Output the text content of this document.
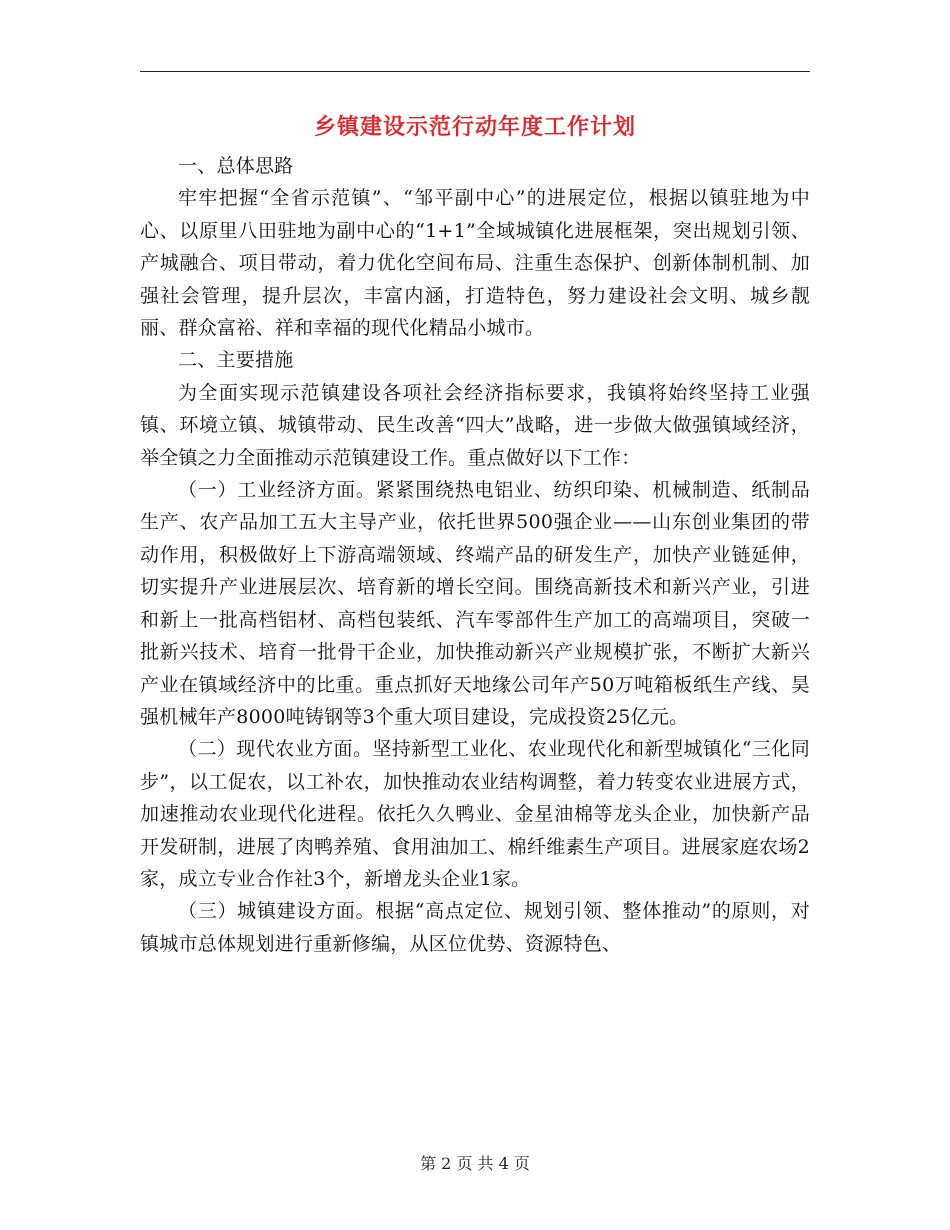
乡镇建设示范行动年度工作计划

一、总体思路

牢牢把握“全省示范镇”、“邹平副中心”的进展定位，根据以镇驻地为中心、以原里八田驻地为副中心的“1+1”全域城镇化进展框架，突出规划引领、产城融合、项目带动，着力优化空间布局、注重生态保护、创新体制机制、加强社会管理，提升层次，丰富内涵，打造特色，努力建设社会文明、城乡靓丽、群众富裕、祥和幸福的现代化精品小城市。

二、主要措施

为全面实现示范镇建设各项社会经济指标要求，我镇将始终坚持工业强镇、环境立镇、城镇带动、民生改善“四大”战略，进一步做大做强镇域经济，举全镇之力全面推动示范镇建设工作。重点做好以下工作：

（一）工业经济方面。紧紧围绕热电铝业、纺织印染、机械制造、纸制品生产、农产品加工五大主导产业，依托世界500强企业——山东创业集团的带动作用，积极做好上下游高端领域、终端产品的研发生产，加快产业链延伸，切实提升产业进展层次、培育新的增长空间。围绕高新技术和新兴产业，引进和新上一批高档铝材、高档包装纸、汽车零部件生产加工的高端项目，突破一批新兴技术、培育一批骨干企业，加快推动新兴产业规模扩张，不断扩大新兴产业在镇域经济中的比重。重点抓好天地缘公司年产50万吨箱板纸生产线、昊强机械年产8000吨铸钢等3个重大项目建设，完成投资25亿元。

（二）现代农业方面。坚持新型工业化、农业现代化和新型城镇化“三化同步”，以工促农，以工补农，加快推动农业结构调整，着力转变农业进展方式，加速推动农业现代化进程。依托久久鸭业、金星油棉等龙头企业，加快新产品开发研制，进展了肉鸭养殖、食用油加工、棉纤维素生产项目。进展家庭农场2家，成立专业合作社3个，新增龙头企业1家。

（三）城镇建设方面。根据“高点定位、规划引领、整体推动”的原则，对镇城市总体规划进行重新修编，从区位优势、资源特色、

第 2 页 共 4 页
